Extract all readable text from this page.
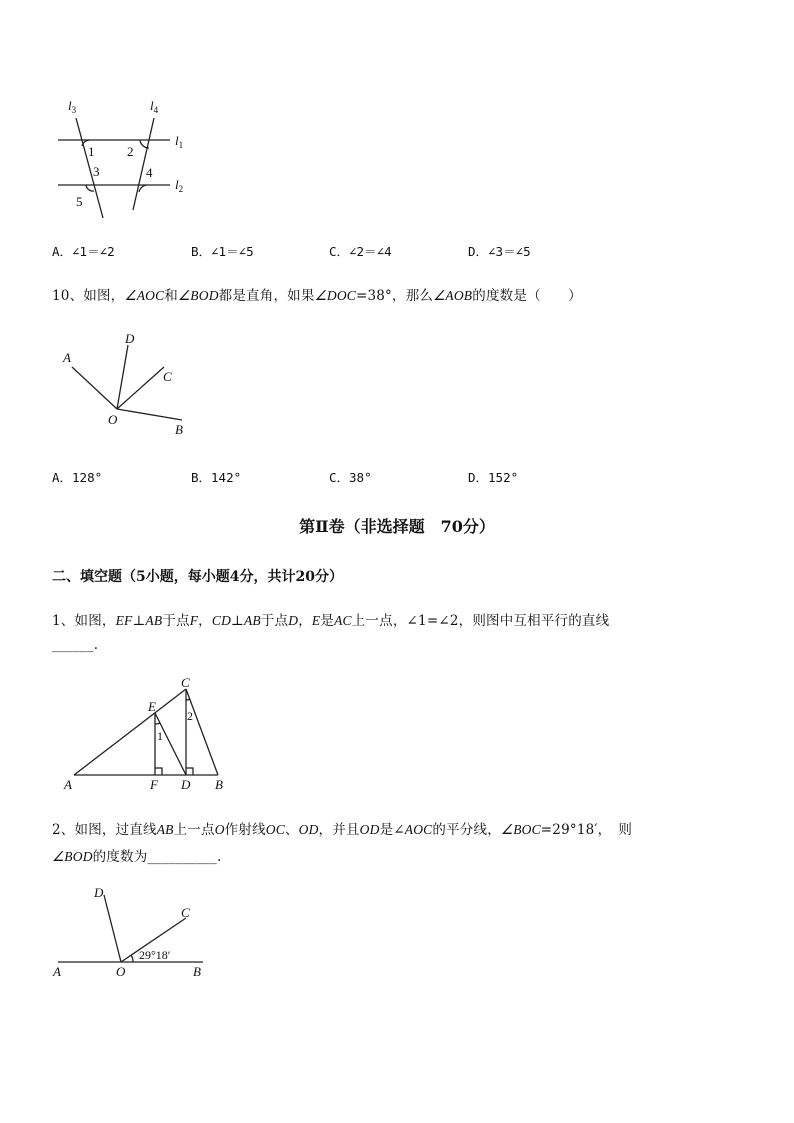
$l_3$	$l_4$
$l_1$
$l_2$
1	2
3	4
5
A．∠1＝∠2	B．∠1＝∠5	C．∠2＝∠4	D．∠3＝∠5
10、如图，∠AOC和∠BOD都是直角，如果∠DOC=38°，那么∠AOB的度数是（　　）
A
D
C
O
B
A．128°	B．142°	C．38°	D．152°
第Ⅱ卷（非选择题　70分）
二、填空题（5小题，每小题4分，共计20分）
1、如图，EF⊥AB于点F，CD⊥AB于点D，E是AC上一点，∠1=∠2，则图中互相平行的直线
______.
C
E
A	F D B
1
2
2、如图，过直线AB上一点O作射线OC、OD，并且OD是∠AOC的平分线，∠BOC=29°18′，　则
∠BOD的度数为__________.
D
C
A	O	B
29°18′
